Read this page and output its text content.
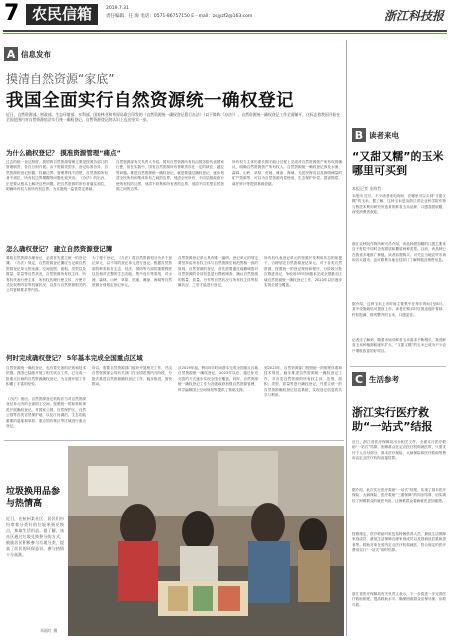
7 农民信箱	2019.7.31
责任编辑：任 海 电话：0571-86757150 E－mail：zsjyzf2@163.com	浙江科技报
A 信息发布
摸清自然资源“家底”
我国全面实行自然资源统一确权登记
近日，自然资源部、财政部、生态环境部、水利部、国家林业和草原局联合印发的《自然资源统一确权登记暂行办法》（以下简称《办法》），自然资源统一确权登记工作全面铺开，这标志着我国开始在全国范围内对自然资源依法实行统一确权登记，自然资源登记的认识上迈出坚实一步。
为什么确权登记？ 摸准资源管理“痛点”
过去的统一登记制度，我国的自然资源管理主要是按照各部门的管理职责，各自分别开展。由于资源类型多，登记标准各异，自然资源的登记依据、权属边界、管理界线不清楚，自然资源所有者不到位，所有权边界模糊等问题比较突出。《办法》的出台，正是要从根本上解决这些问题，把自然资源的所有者落实到位，明确所有权人和所有权边界，为实施统一监管奠定基础。
自然资源部有关负责人介绍，国有自然资源所有权由国务院代表国家行使，但在实践中，国有自然资源所有者职责存在一定的缺位、越位等问题。推进自然资源统一确权登记，就是要通过确权登记，逐步划清全民所有和集体所有之间的边界，划清全民所有、不同层级政府行使所有权的边界，划清不同集体所有者的边界，划清不同类型自然资源之间的边界。
所有权力主体仍需长期才能让过程上完成对自然资源资产所有权的确认，明确自然资源资产所有权人。自然资源统一确权登记涉及水流、森林、山岭、草原、荒地、滩涂、海域、无居民海岛以及探明储量的矿产资源等，可以为自然资源有偿使用、生态保护补偿、损害赔偿、离任审计等提供基础依据。
怎么确权登记？ 建立自然资源登记簿
要给自然资源办理登记，必须首先建立统一的登记簿。《办法》规定，自然资源登记簿应当记载自然资源登记单元的坐落、空间范围、面积、类型以及数量、质量等自然状况，自然资源所有权主体、所有权代表行使主体、所有权代理行使主体、行使方式及权利内容等权属状况，以及与自然资源相关的公共管制要求等内容。
为了便于登记，《办法》将自然资源划分为多个登记单元，以不同的登记单元进行登记。根据自然资源的种类和在生态、经济、国防等方面的重要程度以及相对完整的生态功能、集中连片等原则，对水流、森林、山岭、草原、荒地、滩涂、海域等自然资源分别划定登记单元。
自然资源登记单元具有唯一编码，登记单元的划定要坚持由所有权主体与自然资源空间范围相一致的原则。自然资源的登记，首先需要通过地籍调查对自然资源的各项信息进行摸底调查，确认自然资源的数量、质量、分布等自然状况与所有权主体等权属状况，之后才能进行登记。
所有权代表登记单元的资源开发利用状态的前提下，合理划定自然资源登记单元。对于各类自然资源，按照统一的登记规则和程序，分阶段分批次推进登记，争取用5年时间基本完成全国重点区域自然资源统一确权登记工作，2023年以后逐步实现全国全覆盖。
何时完成确权登记？ 5年基本完成全国重点区域
自然资源统一确权登记，也有着完备的法规和技术依据。我国已陆续开展了相关试点工作，已完成一批重点区域的自然资源确权登记，为全面开展工作积累了丰富的经验。
《办法》指出，自然资源登记机构应当对自然资源登记单元内的全部国土空间，按照统一的标准和规范开展确权登记。对国家公园、自然保护区、自然公园等各类自然保护地，以及江河湖泊、生态功能重要的湿地和草原、重点国有林区等区域进行重点登记。
所以，需要自然资源部门组织开展相关工作，并由自然资源部会同有关部门在全国范围内分阶段、分批次推进自然资源确权登记工作，稳步推进，加快推动。
从2019年起，利用5年时间基本完成全国重点区域自然资源统一确权登记，2023年以后，通过补充完善的方式逐步实现全国全覆盖。同时，自然资源统一确权登记工作为各级政府加强自然资源管理、科学编制国土空间规划等提供了基础支撑。
到2023年，自然资源部门按照统一的制度体系和技术规范，稳步推进自然资源统一确权登记工作，对各类自然资源的所有权主体、范围、面积、类型、质量等进行确权登记，并建立统一的自然资源确权登记信息系统，实现登记信息的共享与利用。
垃圾换用品参与热情高
近日，在杭州某社区，居民们纷纷拿着分类好的垃圾来到兑换点，换取生活用品。据了解，该社区通过垃圾兑换积分的方式，鼓励居民积极参与垃圾分类，提高了居民的环保意识，参与热情十分高涨。
邓丽红 摄
B 读者来电
“又甜又糯”的玉米哪里可买到
本报记者 金海哲
本报讯 近日，不少读者来电询问，在哪里可以买到“又甜又糯”的玉米。据了解，这种玉米是由浙江省农业科学院作物与核技术利用研究所选育的鲜食玉米品种，口感香甜软糯，深受消费者欢迎。
浙江农科院作物所研究员介绍，该品种甜加糯的口感主要来自于籽粒中同时含有甜质和糯质两种类型。目前，该品种已在我省多地推广种植。读者如需购买，可关注当地农贸市场和各大超市，也可联系当地农技部门了解种植及销售信息。
据介绍，这种玉米上市时间主要集中在每年的6月至8月，其中设施栽培可提前上市。读者在购买时应挑选苞叶青绿、籽粒饱满、排列整齐的玉米，口感更佳。
记者还了解到，随着市场对鲜食玉米需求不断增长，我省鲜食玉米种植面积逐年扩大，“又甜又糯”的玉米已成为不少农户增收致富的好项目。
C 生活参考
浙江实行医疗救助“一站式”结报
近日，浙江省医疗保障局出台相关文件，全面实行医疗救助“一站式”结算，困难群众在定点医疗机构就医时，只需支付个人自付部分，基本医疗保险、大病保险和医疗救助等费用由定点医疗机构直接结算。
据介绍，此次实行医疗救助“一站式”结报，实现了基本医疗保险、大病保险、医疗救助“三重保障”的同步结算，切实减轻了困难群众的就医负担，让困难群众看病就医更加便捷。
按照规定，医疗救助对象包括特困供养人员、最低生活保障家庭成员、最低生活保障边缘家庭成员以及因病致贫重病患者等。救助对象在省内定点医疗机构就医，符合规定的医疗费用实行“一站式”即时结算。
浙江省医疗保障局有关负责人表示，下一步将进一步完善医疗救助制度，提高救助水平，确保困难群众应保尽保、应救尽救。
